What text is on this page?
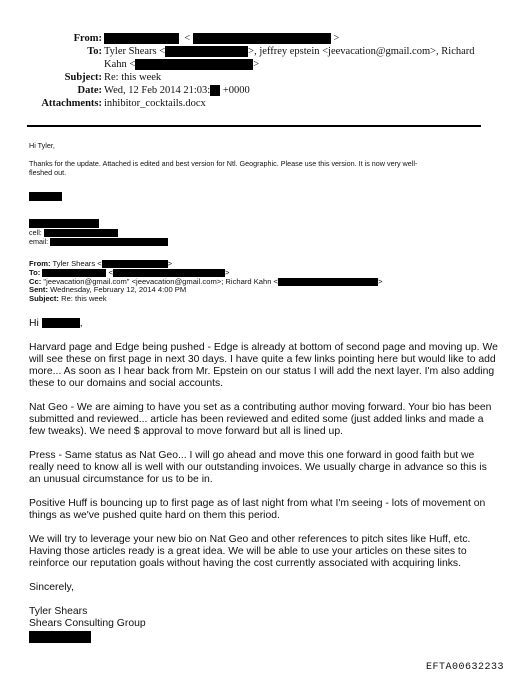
From:	<	>
To: Tyler Shears <	>, jeffrey epstein <jeevacation@gmail.com>, Richard
Kahn <	>
Subject: Re: this week
Date: Wed, 12 Feb 2014 21:03: +0000
Attachments: inhibitor_cocktails.docx

Hi Tyler,

Thanks for the update. Attached is edited and best version for Ntl. Geographic. Please use this version. It is now very well-

fleshed out.

cell:
email:
From: Tyler Shears <	>
To:	<	>
Cc: "jeevacation@gmail.com" <jeevacation@gmail.com>; Richard Kahn <	>
Sent: Wednesday, February 12, 2014 4:00 PM
Subject: Re: this week

Hi	,

Harvard page and Edge being pushed - Edge is already at bottom of second page and moving up. We
will see these on first page in next 30 days. I have quite a few links pointing here but would like to add
more... As soon as I hear back from Mr. Epstein on our status I will add the next layer. I'm also adding
these to our domains and social accounts.

Nat Geo - We are aiming to have you set as a contributing author moving forward. Your bio has been
submitted and reviewed... article has been reviewed and edited some (just added links and made a
few tweaks). We need $ approval to move forward but all is lined up.

Press - Same status as Nat Geo... I will go ahead and move this one forward in good faith but we
really need to know all is well with our outstanding invoices. We usually charge in advance so this is
an unusual circumstance for us to be in.

Positive Huff is bouncing up to first page as of last night from what I'm seeing - lots of movement on
things as we've pushed quite hard on them this period.

We will try to leverage your new bio on Nat Geo and other references to pitch sites like Huff, etc.
Having those articles ready is a great idea. We will be able to use your articles on these sites to
reinforce our reputation goals without having the cost currently associated with acquiring links.

Sincerely,

Tyler Shears
Shears Consulting Group
EFTA00632233
